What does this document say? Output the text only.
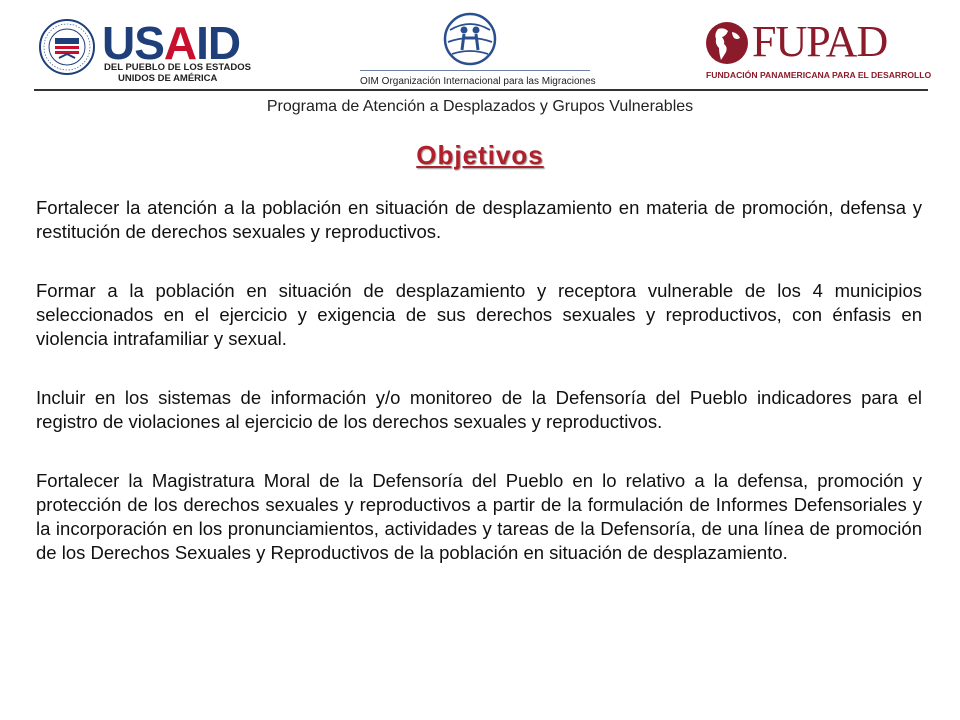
USAID
DEL PUEBLO DE LOS ESTADOS
UNIDOS DE AMÉRICA	OIM Organización Internacional para las Migraciones
FUPAD
FUNDACIÓN PANAMERICANA PARA EL DESARROLLO
Programa de Atención a Desplazados y Grupos Vulnerables
Objetivos

Fortalecer la atención a la población en situación de desplazamiento en materia de promoción, defensa y restitución de derechos sexuales y reproductivos.

Formar a la población en situación de desplazamiento y receptora vulnerable de los 4 municipios seleccionados en el ejercicio y exigencia de sus derechos sexuales y reproductivos, con énfasis en violencia intrafamiliar y sexual.

Incluir en los sistemas de información y/o monitoreo de la Defensoría del Pueblo indicadores para el registro de violaciones al ejercicio de los derechos sexuales y reproductivos.

Fortalecer la Magistratura Moral de la Defensoría del Pueblo en lo relativo a la defensa, promoción y protección de los derechos sexuales y reproductivos a partir de la formulación de Informes Defensoriales y la incorporación en los pronunciamientos, actividades y tareas de la Defensoría, de una línea de promoción de los Derechos Sexuales y Reproductivos de la población en situación de desplazamiento.
